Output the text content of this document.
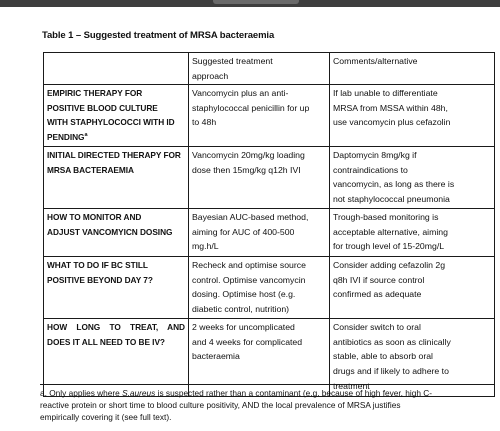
Table 1 – Suggested treatment of MRSA bacteraemia
	Suggested treatment
approach	Comments/alternative
EMPIRIC THERAPY FOR
POSITIVE BLOOD CULTURE
WITH STAPHYLOCOCCI WITH ID
PENDING$^a$	Vancomycin plus an anti-
staphylococcal penicillin for up
to 48h	If lab unable to differentiate
MRSA from MSSA within 48h,
use vancomycin plus cefazolin
INITIAL DIRECTED THERAPY FOR
MRSA BACTERAEMIA	Vancomycin 20mg/kg loading
dose then 15mg/kg q12h IVI	Daptomycin 8mg/kg if
contraindications to
vancomycin, as long as there is
not staphylococcal pneumonia
HOW TO MONITOR AND
ADJUST VANCOMYICN DOSING	Bayesian AUC-based method,
aiming for AUC of 400-500
mg.h/L	Trough-based monitoring is
acceptable alternative, aiming
for trough level of 15-20mg/L
WHAT TO DO IF BC STILL
POSITIVE BEYOND DAY 7?	Recheck and optimise source
control. Optimise vancomycin
dosing. Optimise host (e.g.
diabetic control, nutrition)	Consider adding cefazolin 2g
q8h IVI if source control
confirmed as adequate
HOW LONG TO TREAT, AND
DOES IT ALL NEED TO BE IV?	2 weeks for uncomplicated
and 4 weeks for complicated
bacteraemia	Consider switch to oral
antibiotics as soon as clinically
stable, able to absorb oral
drugs and if likely to adhere to
treatment
a. Only applies where S.aureus is suspected rather than a contaminant (e.g. because of high fever, high C-
reactive protein or short time to blood culture positivity, AND the local prevalence of MRSA justifies
empirically covering it (see full text).
